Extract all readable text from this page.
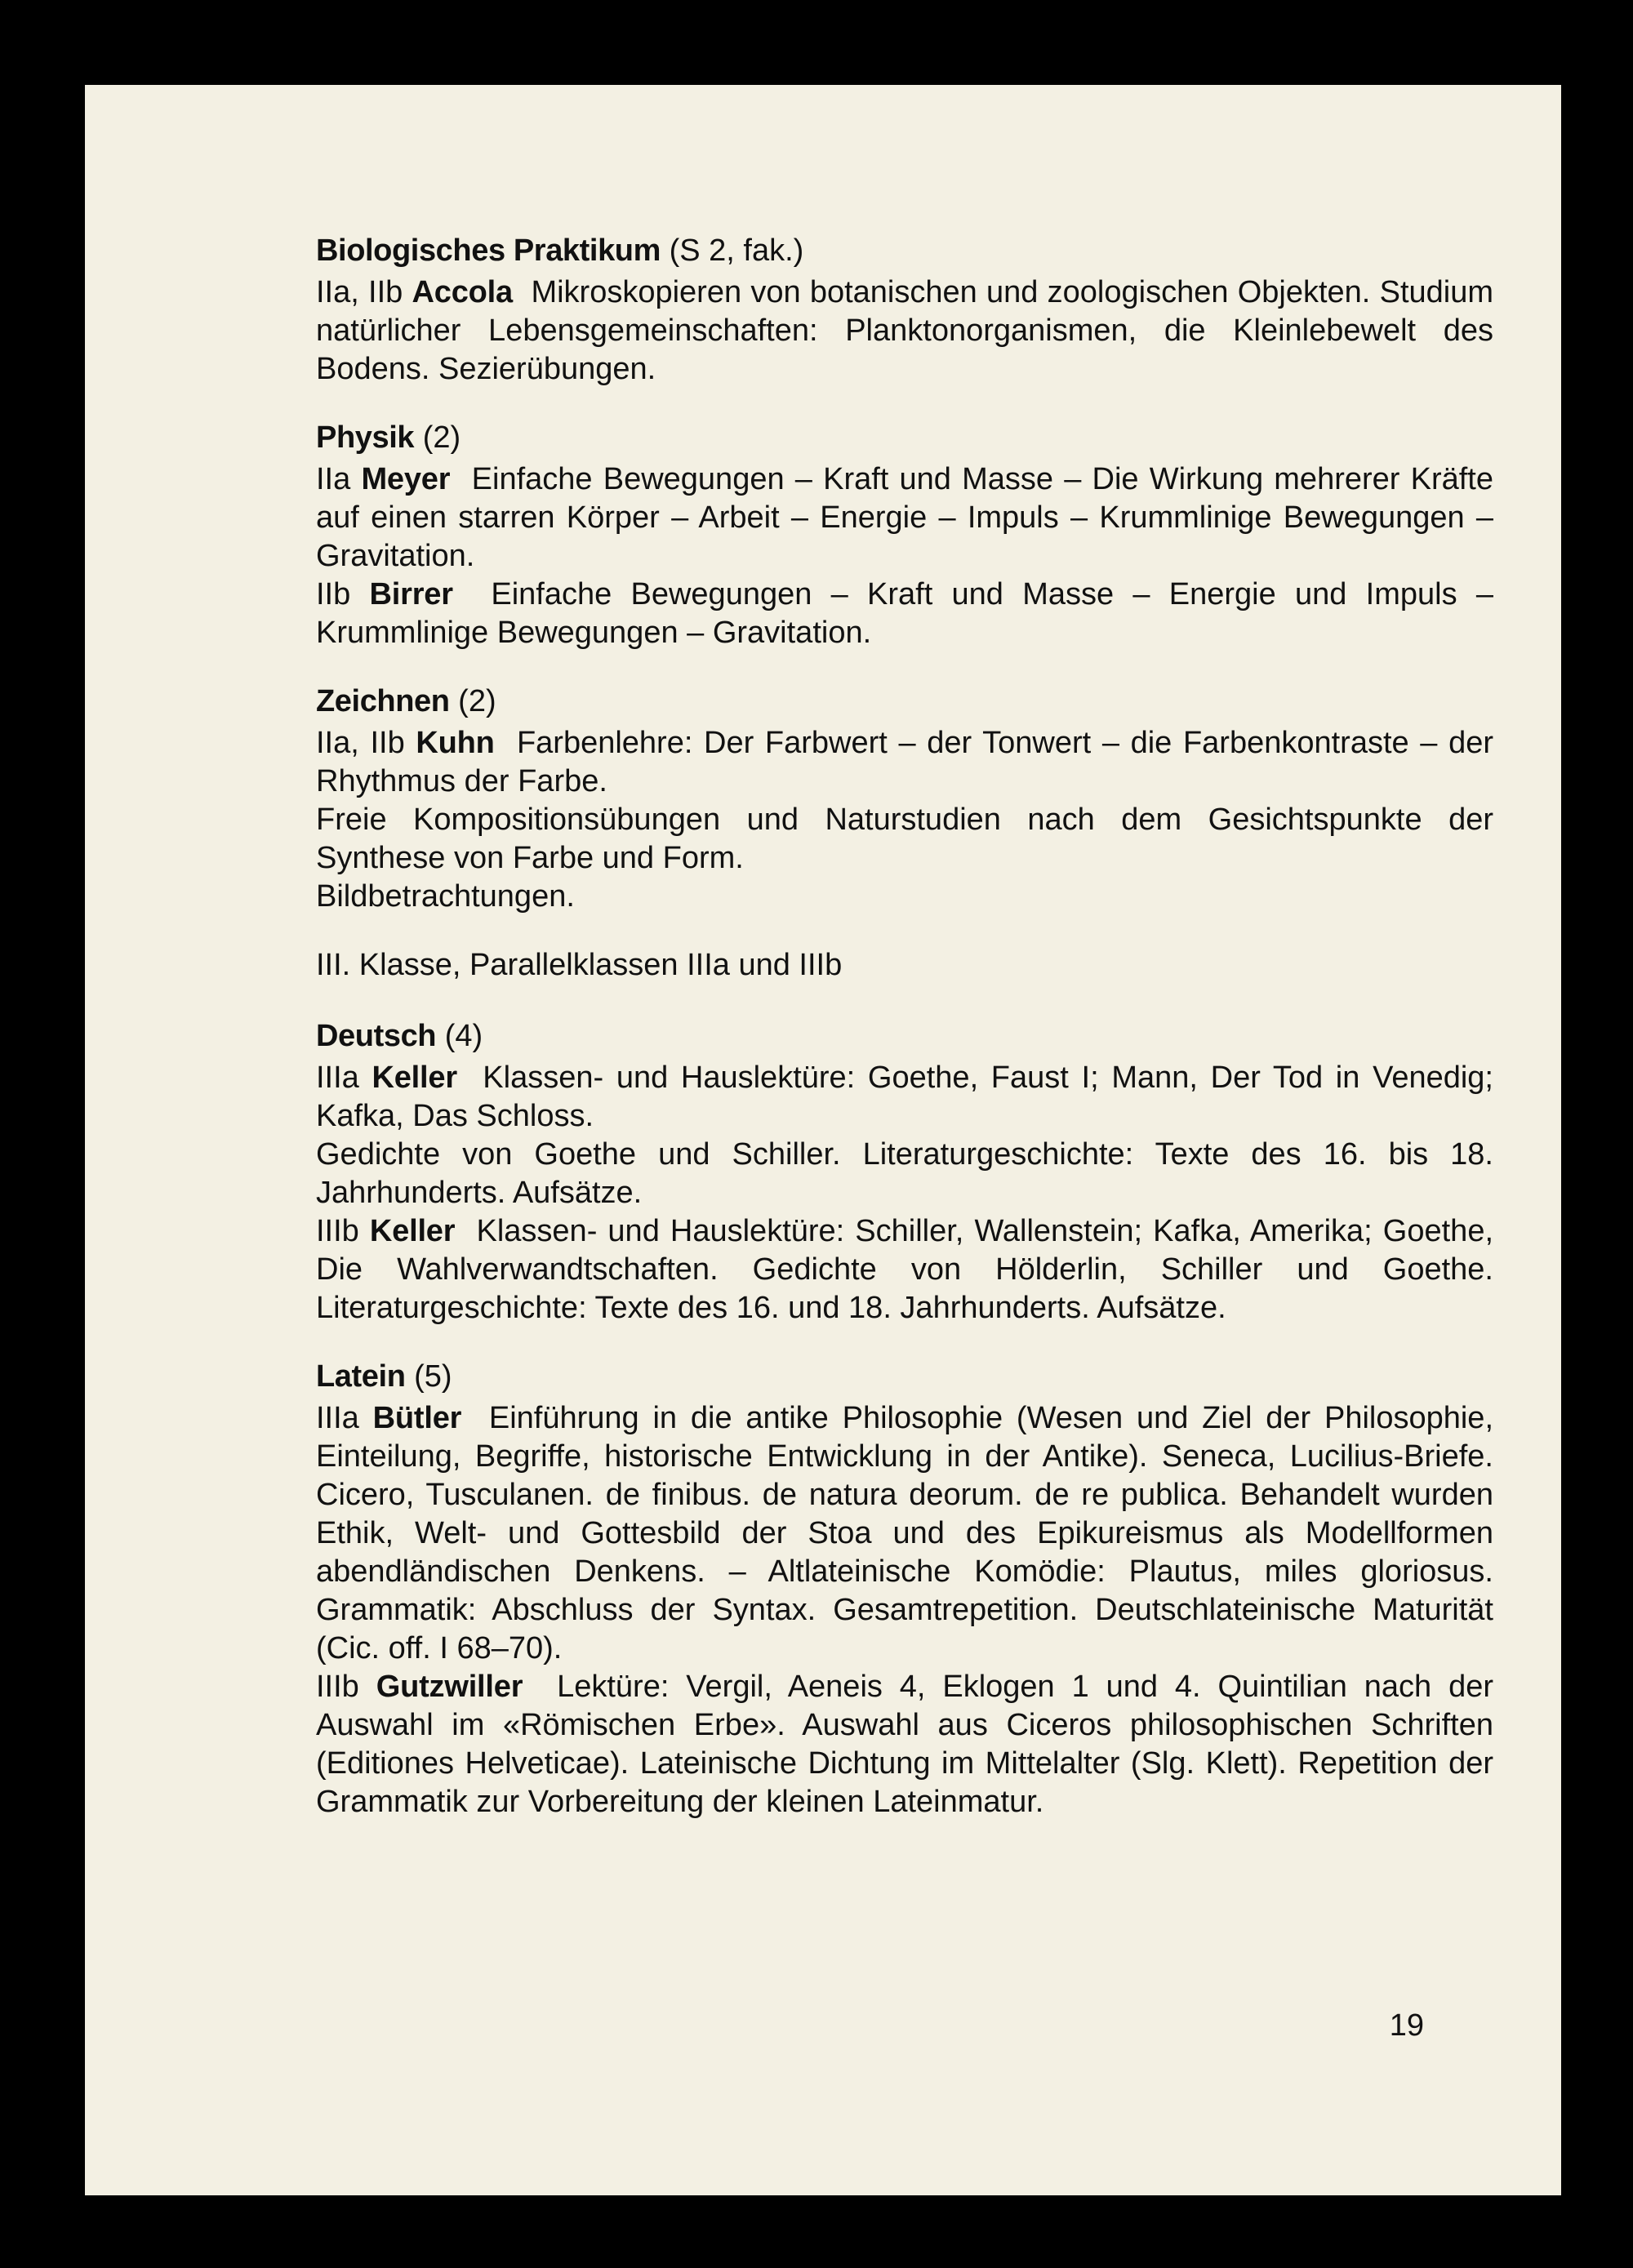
Biologisches Praktikum (S 2, fak.)

IIa, IIb Accola Mikroskopieren von botanischen und zoologischen Objekten. Studium natürlicher Lebensgemeinschaften: Planktonorganismen, die Kleinlebewelt des Bodens. Sezierübungen.

Physik (2)

IIa Meyer Einfache Bewegungen – Kraft und Masse – Die Wirkung mehrerer Kräfte auf einen starren Körper – Arbeit – Energie – Impuls – Krummlinige Bewegungen – Gravitation.

IIb Birrer Einfache Bewegungen – Kraft und Masse – Energie und Impuls – Krummlinige Bewegungen – Gravitation.

Zeichnen (2)

IIa, IIb Kuhn Farbenlehre: Der Farbwert – der Tonwert – die Farbenkontraste – der Rhythmus der Farbe.

Freie Kompositionsübungen und Naturstudien nach dem Gesichtspunkte der Synthese von Farbe und Form.

Bildbetrachtungen.

III. Klasse, Parallelklassen IIIa und IIIb
Deutsch (4)

IIIa Keller Klassen- und Hauslektüre: Goethe, Faust I; Mann, Der Tod in Venedig; Kafka, Das Schloss.

Gedichte von Goethe und Schiller. Literaturgeschichte: Texte des 16. bis 18. Jahrhunderts. Aufsätze.

IIIb Keller Klassen- und Hauslektüre: Schiller, Wallenstein; Kafka, Amerika; Goethe, Die Wahlverwandtschaften. Gedichte von Hölderlin, Schiller und Goethe. Literaturgeschichte: Texte des 16. und 18. Jahrhunderts. Aufsätze.

Latein (5)

IIIa Bütler Einführung in die antike Philosophie (Wesen und Ziel der Philosophie, Einteilung, Begriffe, historische Entwicklung in der Antike). Seneca, Lucilius-Briefe. Cicero, Tusculanen. de finibus. de natura deorum. de re publica. Behandelt wurden Ethik, Welt- und Gottesbild der Stoa und des Epikureismus als Modellformen abendländischen Denkens. – Altlateinische Komödie: Plautus, miles gloriosus. Grammatik: Abschluss der Syntax. Gesamtrepetition. Deutschlateinische Maturität (Cic. off. I 68–70).

IIIb Gutzwiller Lektüre: Vergil, Aeneis 4, Eklogen 1 und 4. Quintilian nach der Auswahl im «Römischen Erbe». Auswahl aus Ciceros philosophischen Schriften (Editiones Helveticae). Lateinische Dichtung im Mittelalter (Slg. Klett). Repetition der Grammatik zur Vorbereitung der kleinen Lateinmatur.

19
